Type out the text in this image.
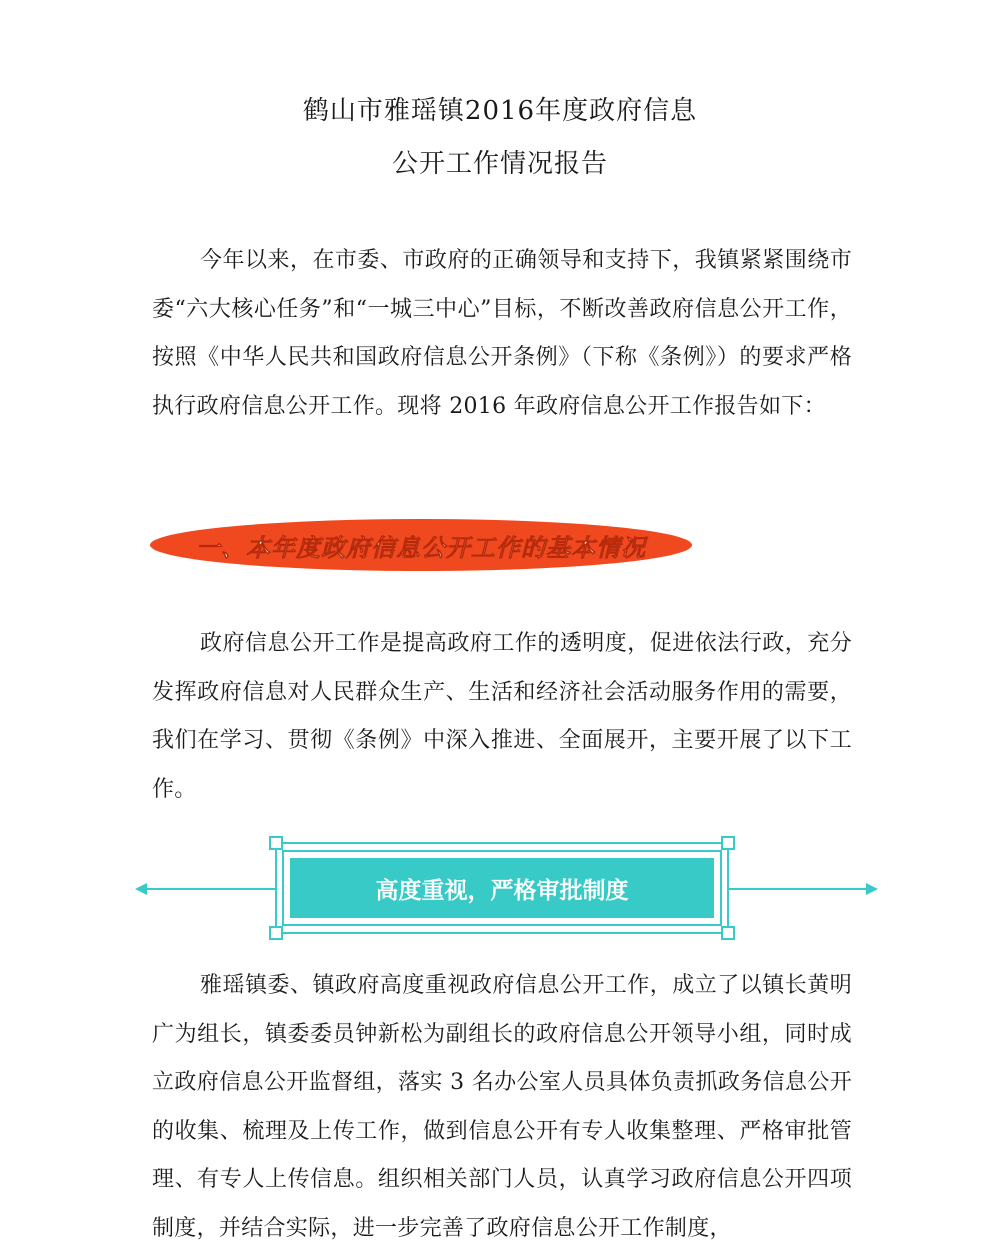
鹤山市雅瑶镇2016年度政府信息
公开工作情况报告
今年以来，在市委、市政府的正确领导和支持下，我镇紧紧围绕市委“六大核心任务”和“一城三中心”目标，不断改善政府信息公开工作，按照《中华人民共和国政府信息公开条例》（下称《条例》）的要求严格执行政府信息公开工作。现将 2016 年政府信息公开工作报告如下：
一、本年度政府信息公开工作的基本情况
政府信息公开工作是提高政府工作的透明度，促进依法行政，充分发挥政府信息对人民群众生产、生活和经济社会活动服务作用的需要，我们在学习、贯彻《条例》中深入推进、全面展开，主要开展了以下工作。
高度重视，严格审批制度
雅瑶镇委、镇政府高度重视政府信息公开工作，成立了以镇长黄明广为组长，镇委委员钟新松为副组长的政府信息公开领导小组，同时成立政府信息公开监督组，落实 3 名办公室人员具体负责抓政务信息公开的收集、梳理及上传工作，做到信息公开有专人收集整理、严格审批管理、有专人上传信息。组织相关部门人员，认真学习政府信息公开四项制度，并结合实际，进一步完善了政府信息公开工作制度，
